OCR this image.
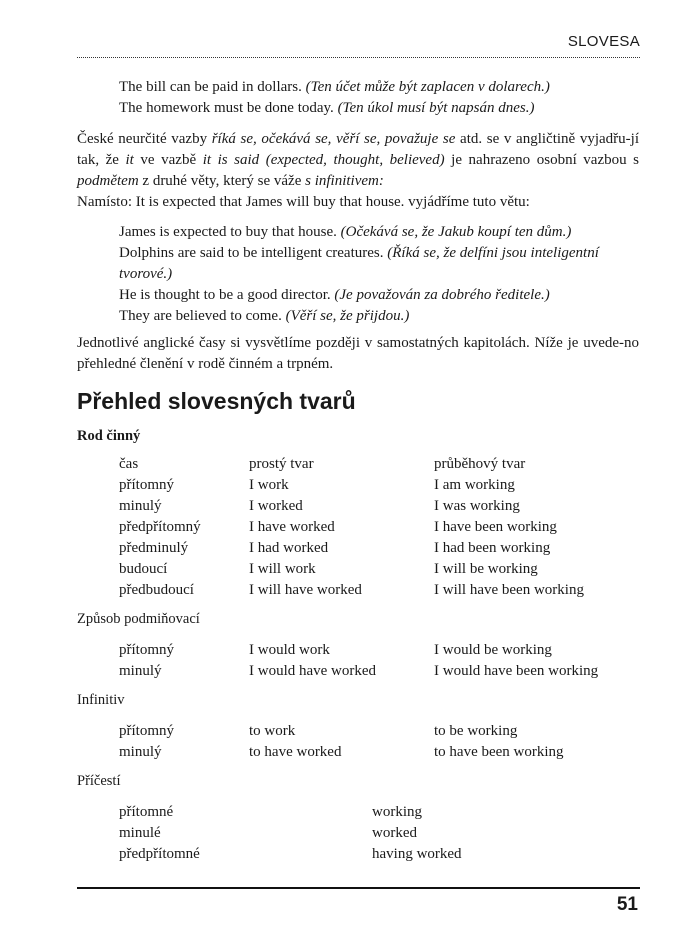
SLOVESA
The bill can be paid in dollars. (Ten účet může být zaplacen v dolarech.)
The homework must be done today. (Ten úkol musí být napsán dnes.)
České neurčité vazby říká se, očekává se, věří se, považuje se atd. se v angličtině vyjadřu-jí tak, že it ve vazbě it is said (expected, thought, believed) je nahrazeno osobní vazbou s podmětem z druhé věty, který se váže s infinitivem:
Namísto: It is expected that James will buy that house. vyjádříme tuto větu:
James is expected to buy that house. (Očekává se, že Jakub koupí ten dům.)
Dolphins are said to be intelligent creatures. (Říká se, že delfíni jsou inteligentní tvorové.)
He is thought to be a good director. (Je považován za dobrého ředitele.)
They are believed to come. (Věří se, že přijdou.)
Jednotlivé anglické časy si vysvětlíme později v samostatných kapitolách. Níže je uvede-no přehledné členění v rodě činném a trpném.
Přehled slovesných tvarů
Rod činný
čas	prostý tvar	průběhový tvar
přítomný	I work	I am working
minulý	I worked	I was working
předpřítomný	I have worked	I have been working
předminulý	I had worked	I had been working
budoucí	I will work	I will be working
předbudoucí	I will have worked	I will have been working
Způsob podmiňovací
přítomný	I would work	I would be working
minulý	I would have worked	I would have been working
Infinitiv
přítomný	to work	to be working
minulý	to have worked	to have been working
Příčestí
přítomné	working
minulé	worked
předpřítomné	having worked
51
